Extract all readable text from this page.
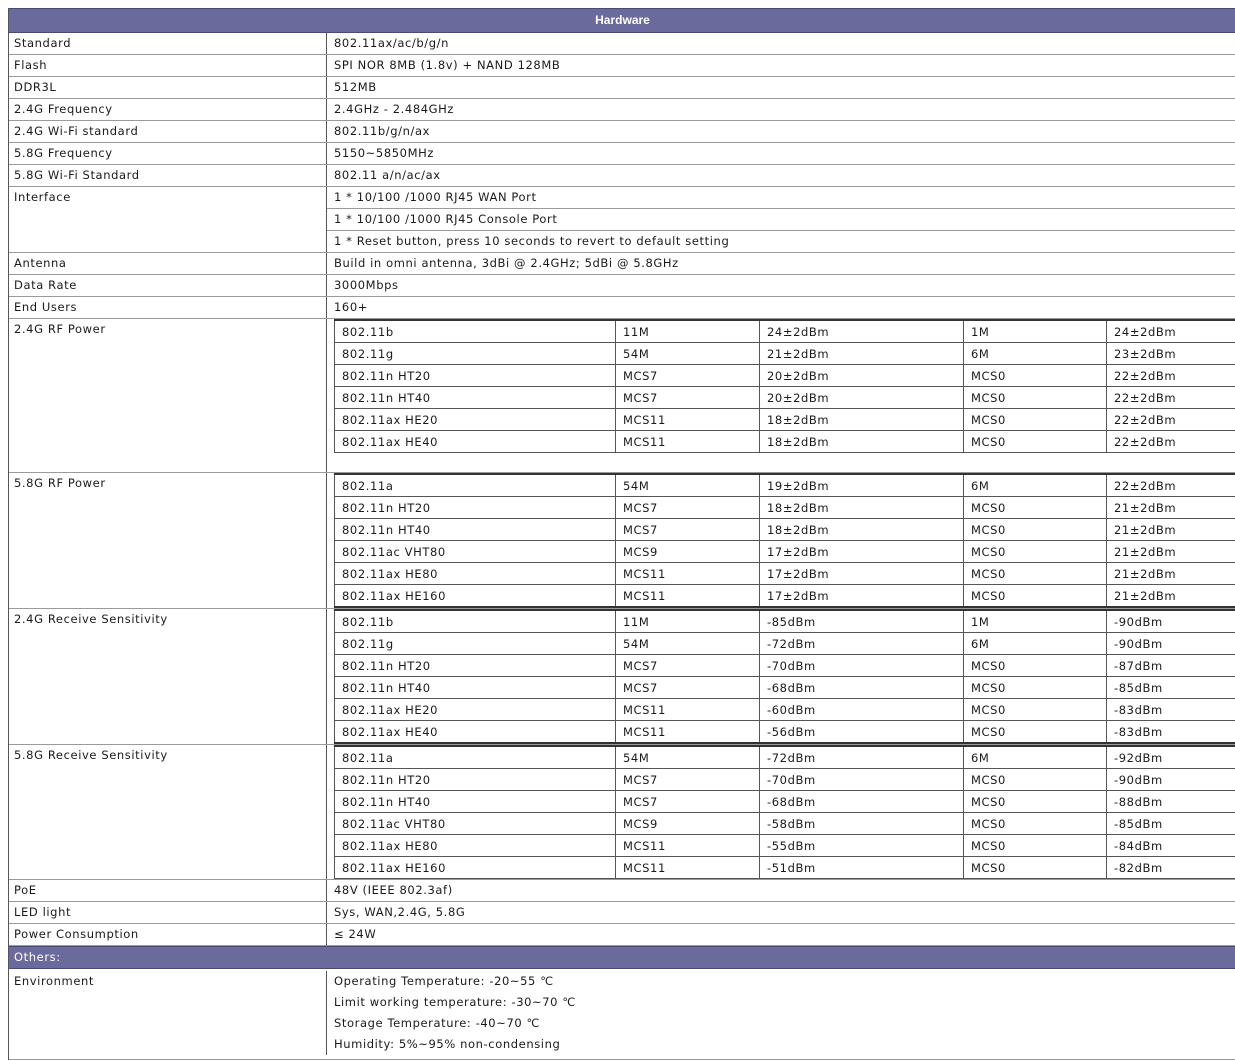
Hardware
Standard	802.11ax/ac/b/g/n
Flash	SPI NOR 8MB (1.8v) + NAND 128MB
DDR3L	512MB
2.4G Frequency	2.4GHz - 2.484GHz
2.4G Wi-Fi standard	802.11b/g/n/ax
5.8G Frequency	5150~5850MHz
5.8G Wi-Fi Standard	802.11 a/n/ac/ax
Interface	1 * 10/100 /1000 RJ45 WAN Port
1 * 10/100 /1000 RJ45 Console Port
1 * Reset button, press 10 seconds to revert to default setting
Antenna	Build in omni antenna, 3dBi @ 2.4GHz; 5dBi @ 5.8GHz
Data Rate	3000Mbps
End Users	160+
2.4G RF Power	802.11b	11M	24±2dBm	1M	24±2dBm
802.11g	54M	21±2dBm	6M	23±2dBm
802.11n HT20	MCS7	20±2dBm	MCS0	22±2dBm
802.11n HT40	MCS7	20±2dBm	MCS0	22±2dBm
802.11ax HE20	MCS11	18±2dBm	MCS0	22±2dBm
802.11ax HE40	MCS11	18±2dBm	MCS0	22±2dBm
5.8G RF Power	802.11a	54M	19±2dBm	6M	22±2dBm
802.11n HT20	MCS7	18±2dBm	MCS0	21±2dBm
802.11n HT40	MCS7	18±2dBm	MCS0	21±2dBm
802.11ac VHT80	MCS9	17±2dBm	MCS0	21±2dBm
802.11ax HE80	MCS11	17±2dBm	MCS0	21±2dBm
802.11ax HE160	MCS11	17±2dBm	MCS0	21±2dBm
2.4G Receive Sensitivity	802.11b	11M	-85dBm	1M	-90dBm
802.11g	54M	-72dBm	6M	-90dBm
802.11n HT20	MCS7	-70dBm	MCS0	-87dBm
802.11n HT40	MCS7	-68dBm	MCS0	-85dBm
802.11ax HE20	MCS11	-60dBm	MCS0	-83dBm
802.11ax HE40	MCS11	-56dBm	MCS0	-83dBm
5.8G Receive Sensitivity	802.11a	54M	-72dBm	6M	-92dBm
802.11n HT20	MCS7	-70dBm	MCS0	-90dBm
802.11n HT40	MCS7	-68dBm	MCS0	-88dBm
802.11ac VHT80	MCS9	-58dBm	MCS0	-85dBm
802.11ax HE80	MCS11	-55dBm	MCS0	-84dBm
802.11ax HE160	MCS11	-51dBm	MCS0	-82dBm
PoE	48V (IEEE 802.3af)
LED light	Sys, WAN,2.4G, 5.8G
Power Consumption	≤ 24W
Others:
Environment	Operating Temperature: -20~55 ℃
Limit working temperature: -30~70 ℃
Storage Temperature: -40~70 ℃
Humidity: 5%~95% non-condensing
